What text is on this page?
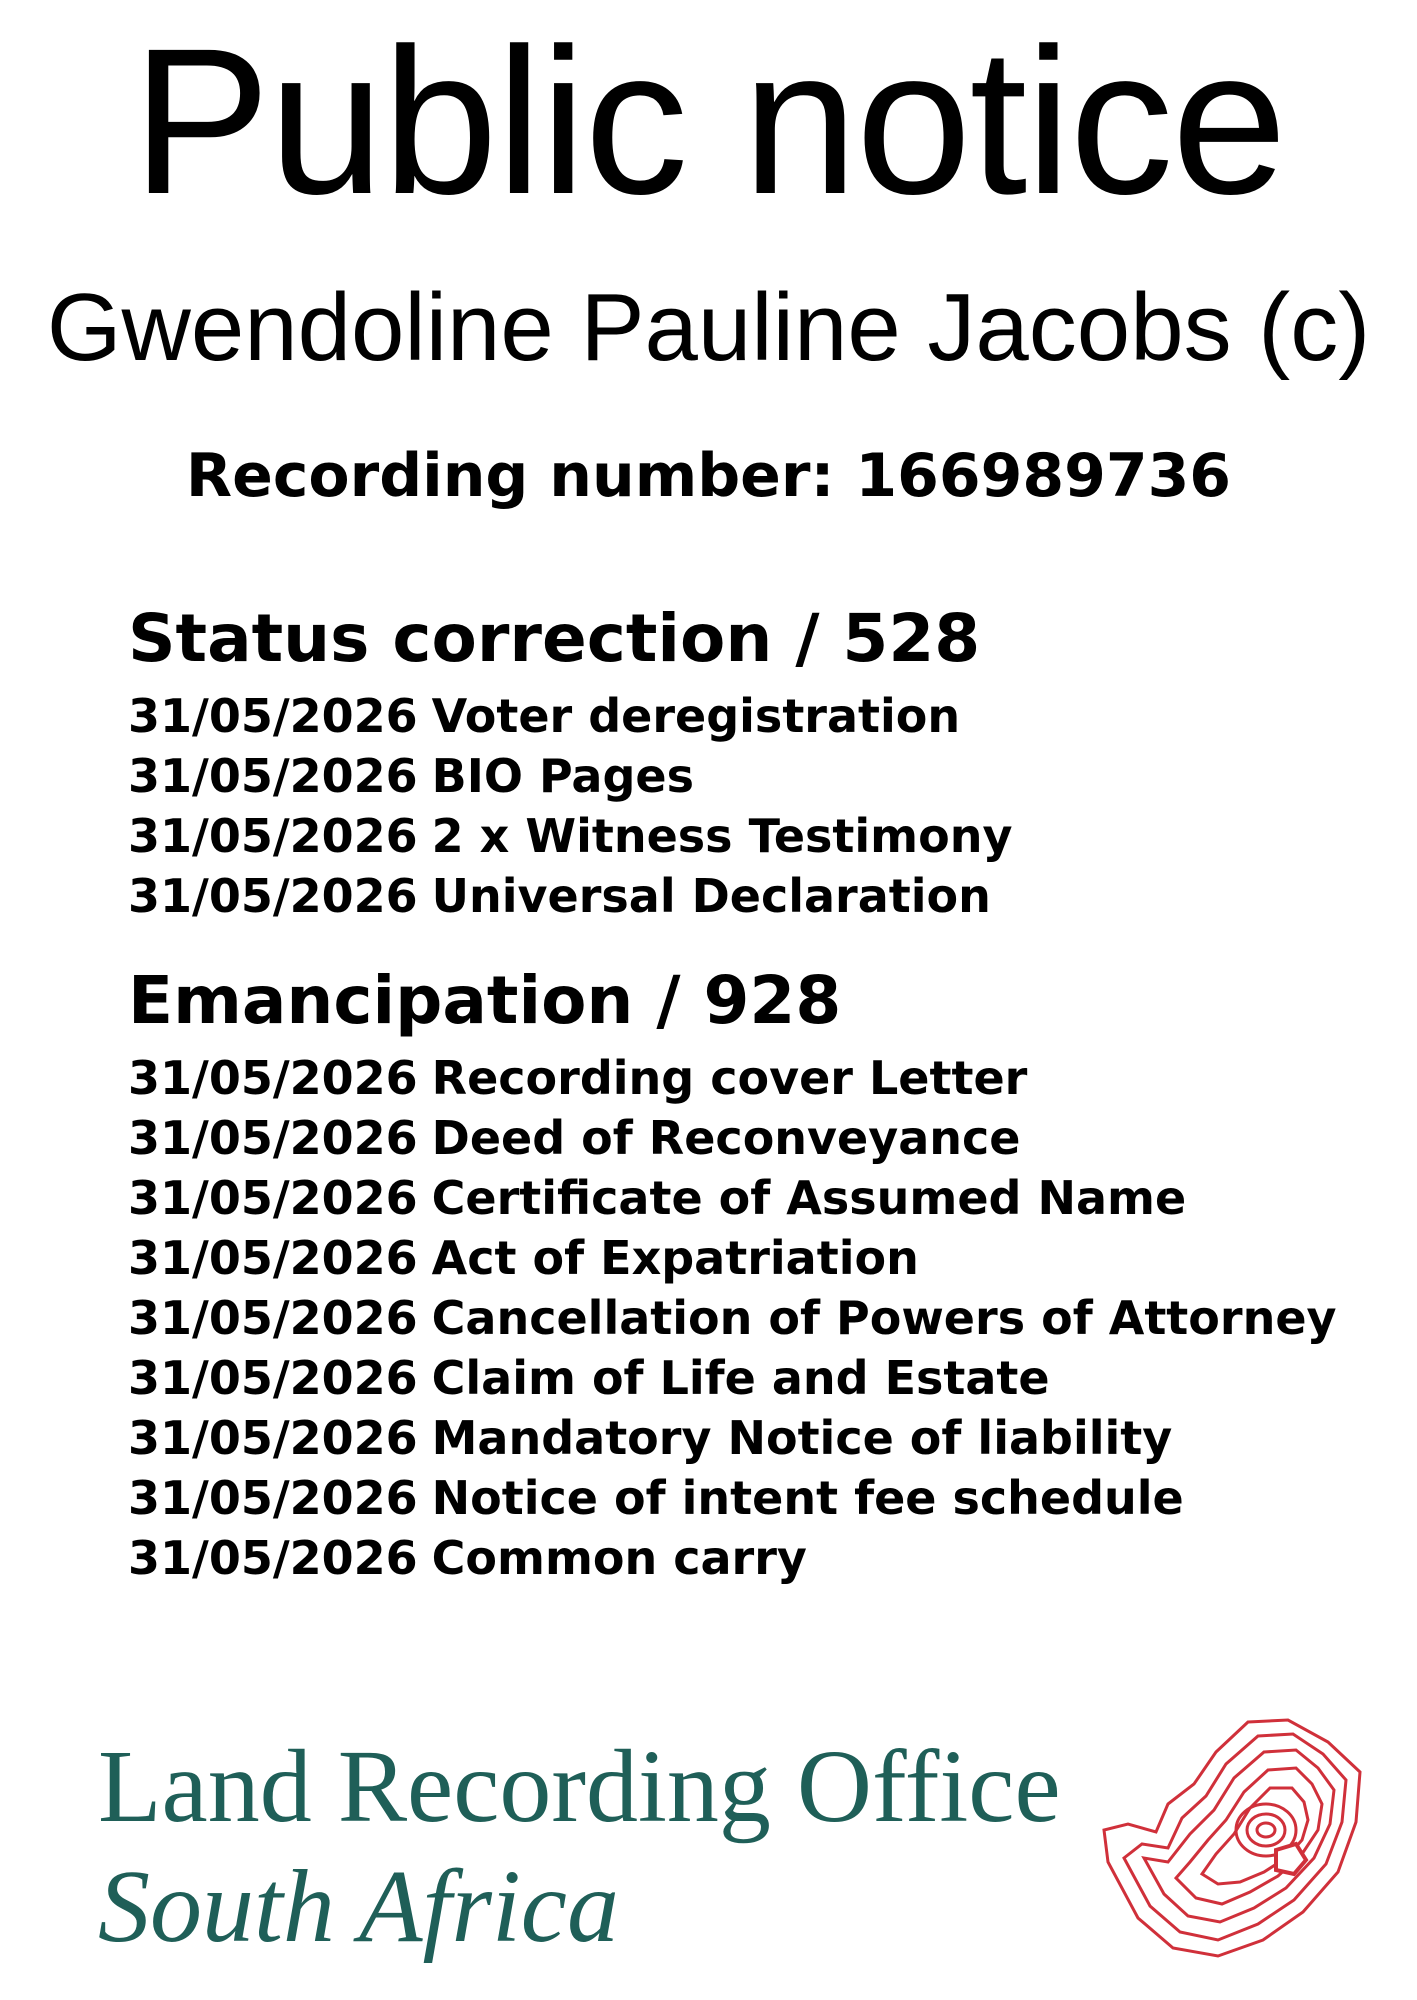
Public notice
Gwendoline Pauline Jacobs (c)
Recording number: 166989736
Status correction / 528
31/05/2026 Voter deregistration
31/05/2026 BIO Pages
31/05/2026 2 x Witness Testimony
31/05/2026 Universal Declaration
Emancipation / 928
31/05/2026 Recording cover Letter
31/05/2026 Deed of Reconveyance
31/05/2026 Certificate of Assumed Name
31/05/2026 Act of Expatriation
31/05/2026 Cancellation of Powers of Attorney
31/05/2026 Claim of Life and Estate
31/05/2026 Mandatory Notice of liability
31/05/2026 Notice of intent fee schedule
31/05/2026 Common carry
Land Recording Office
South Africa
